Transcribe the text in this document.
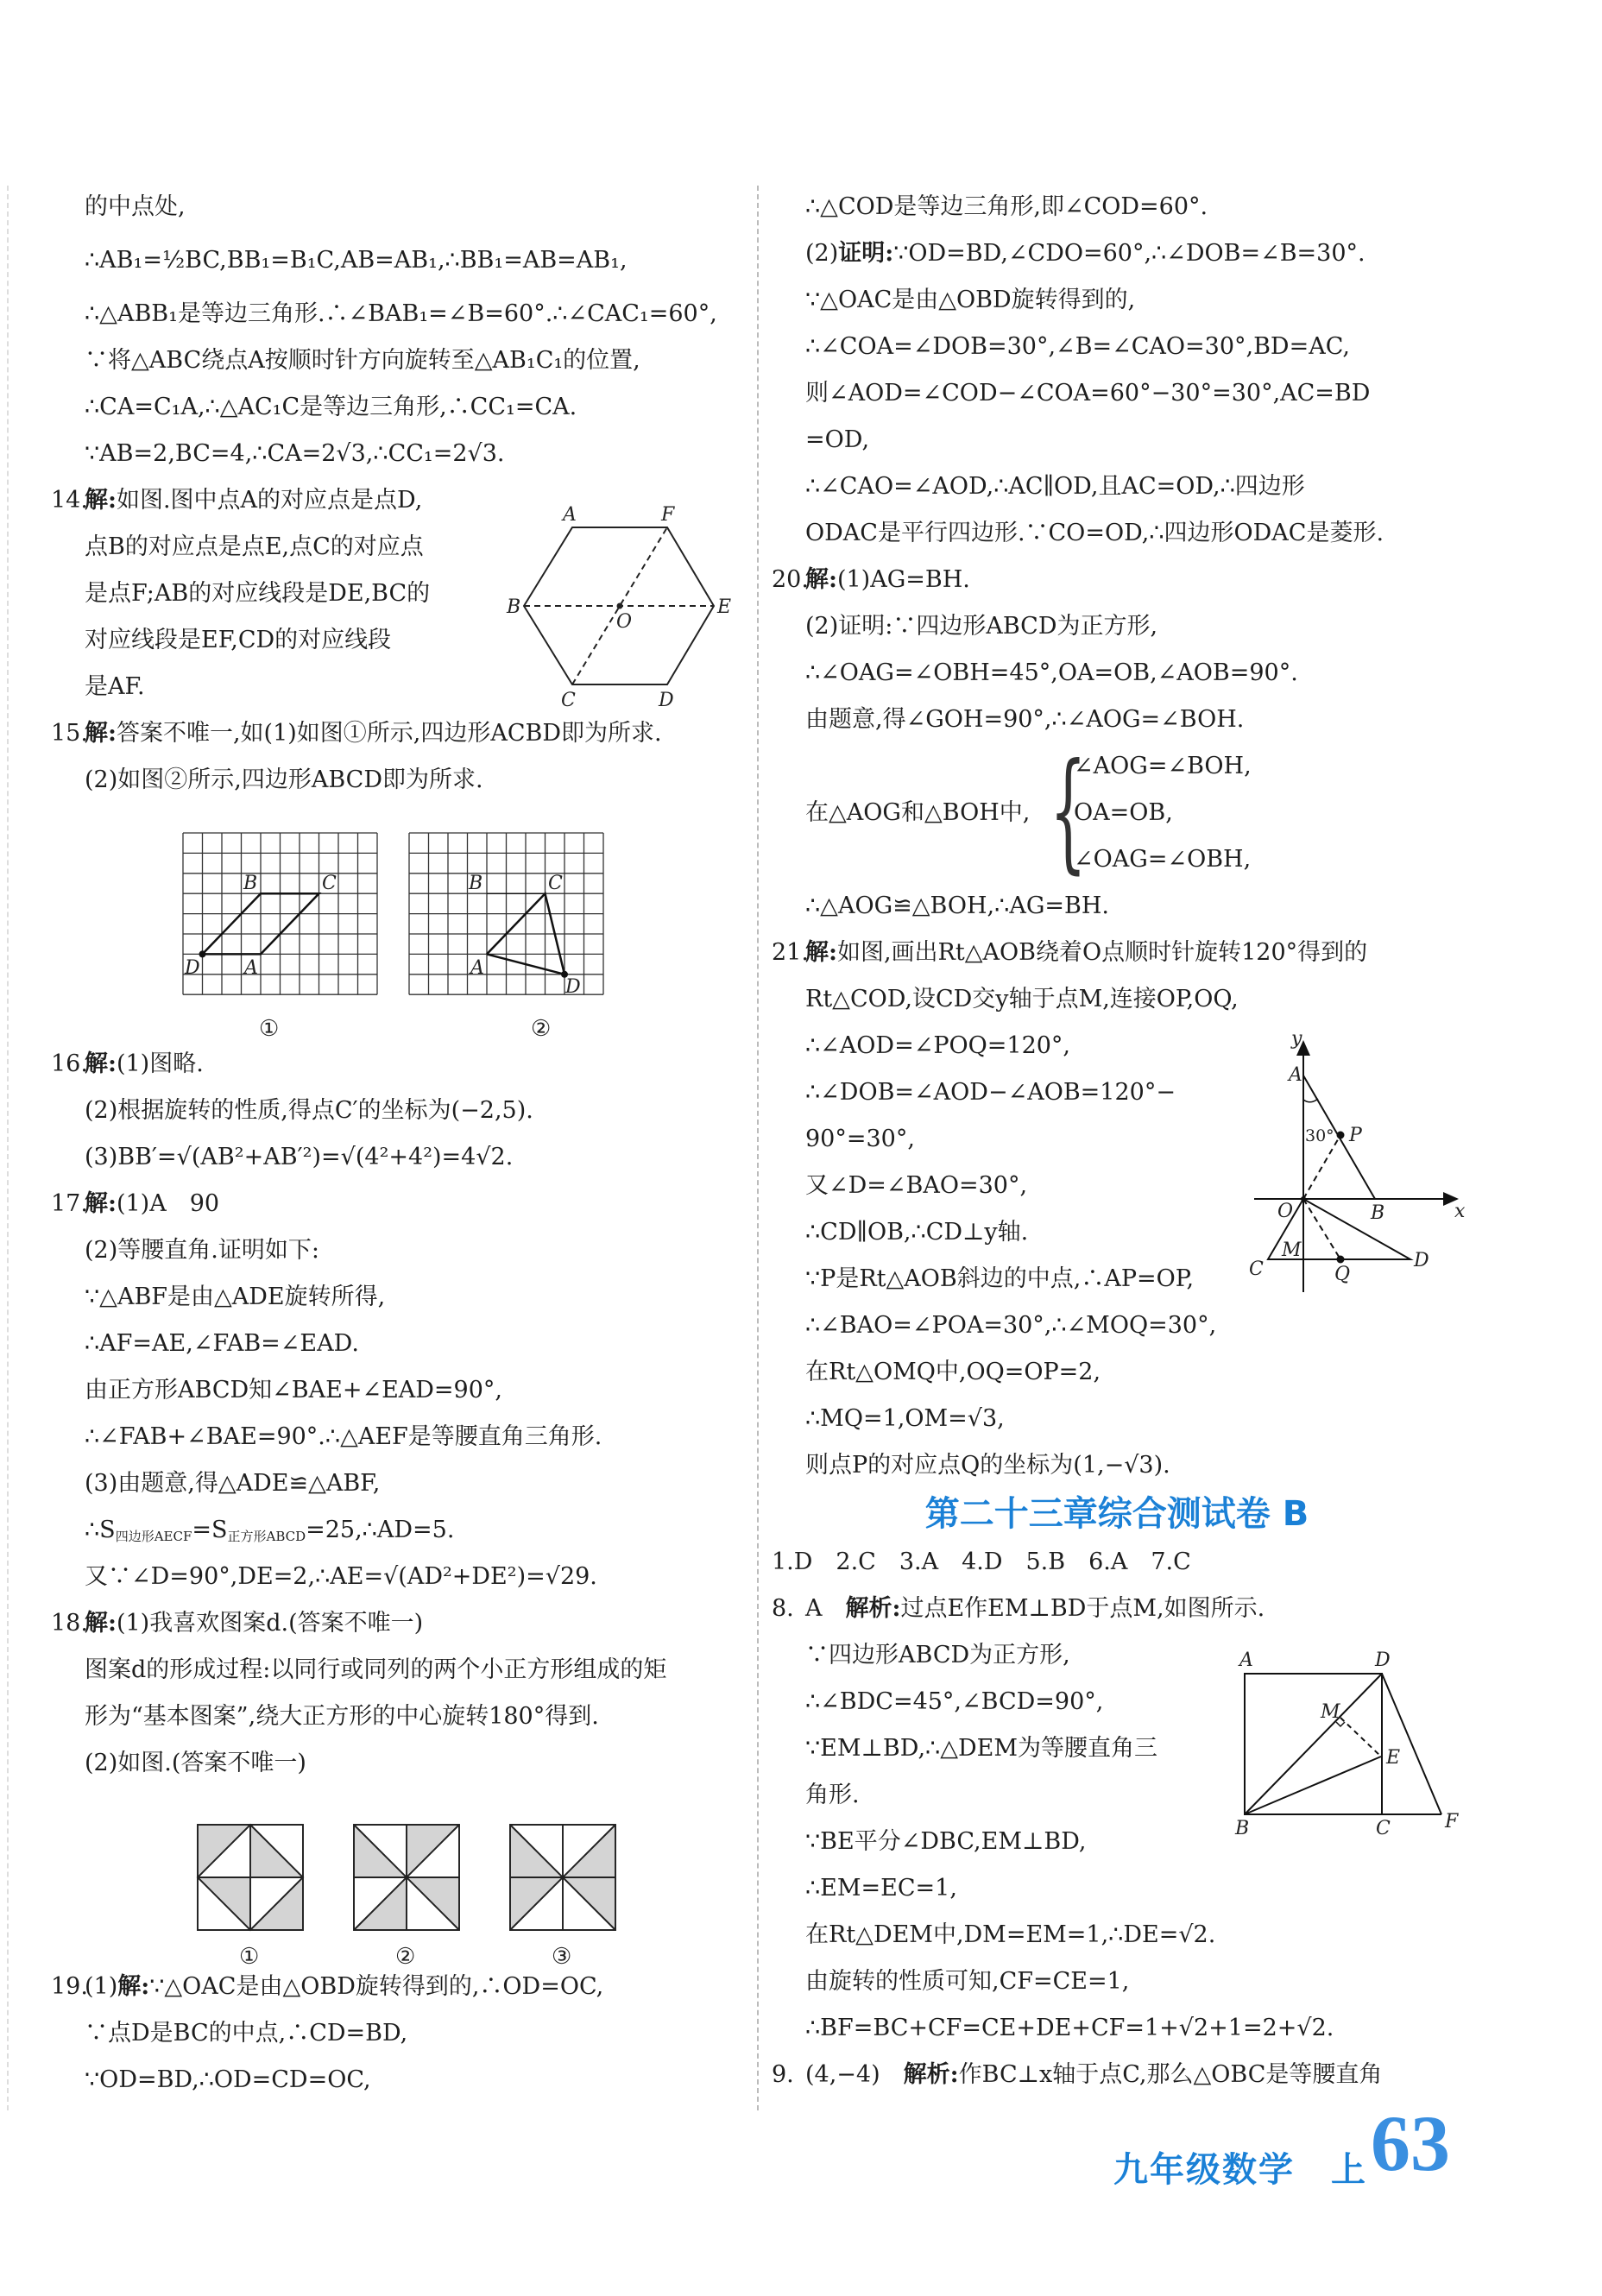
的中点处,
∴AB₁=½BC,BB₁=B₁C,AB=AB₁,∴BB₁=AB=AB₁,
∴△ABB₁是等边三角形.∴∠BAB₁=∠B=60°.∴∠CAC₁=60°,
∵将△ABC绕点A按顺时针方向旋转至△AB₁C₁的位置,
∴CA=C₁A,∴△AC₁C是等边三角形,∴CC₁=CA.
∵AB=2,BC=4,∴CA=2√3,∴CC₁=2√3.
14.
解:如图.图中点A的对应点是点D,
点B的对应点是点E,点C的对应点
是点F;AB的对应线段是DE,BC的
对应线段是EF,CD的对应线段
是AF.
15.
解:答案不唯一,如(1)如图①所示,四边形ACBD即为所求.
(2)如图②所示,四边形ABCD即为所求.
16.
解:(1)图略.
(2)根据旋转的性质,得点C′的坐标为(−2,5).
(3)BB′=√(AB²+AB′²)=√(4²+4²)=4√2.
17.
解:(1)A　90
(2)等腰直角.证明如下:
∵△ABF是由△ADE旋转所得,
∴AF=AE,∠FAB=∠EAD.
由正方形ABCD知∠BAE+∠EAD=90°,
∴∠FAB+∠BAE=90°.∴△AEF是等腰直角三角形.
(3)由题意,得△ADE≌△ABF,
$\therefore S_{四边形AECF}=S_{正方形ABCD}=25,\therefore AD=5$.
又∵∠D=90°,DE=2,∴AE=√(AD²+DE²)=√29.
18.
解:(1)我喜欢图案d.(答案不唯一)
图案d的形成过程:以同行或同列的两个小正方形组成的矩
形为“基本图案”,绕大正方形的中心旋转180°得到.
(2)如图.(答案不唯一)
19.
(1)解:∵△OAC是由△OBD旋转得到的,∴OD=OC,
∵点D是BC的中点,∴CD=BD,
∵OD=BD,∴OD=CD=OC,
∴△COD是等边三角形,即∠COD=60°.
(2)证明:∵OD=BD,∠CDO=60°,∴∠DOB=∠B=30°.
∵△OAC是由△OBD旋转得到的,
∴∠COA=∠DOB=30°,∠B=∠CAO=30°,BD=AC,
则∠AOD=∠COD−∠COA=60°−30°=30°,AC=BD
=OD,
∴∠CAO=∠AOD,∴AC∥OD,且AC=OD,∴四边形
ODAC是平行四边形.∵CO=OD,∴四边形ODAC是菱形.
20.
解:(1)AG=BH.
(2)证明:∵四边形ABCD为正方形,
∴∠OAG=∠OBH=45°,OA=OB,∠AOB=90°.
由题意,得∠GOH=90°,∴∠AOG=∠BOH.
在△AOG和△BOH中, {
∠AOG=∠BOH,
OA=OB,
∠OAG=∠OBH,
∴△AOG≌△BOH,∴AG=BH.
21.
解:如图,画出Rt△AOB绕着O点顺时针旋转120°得到的
Rt△COD,设CD交y轴于点M,连接OP,OQ,
∴∠AOD=∠POQ=120°,
∴∠DOB=∠AOD−∠AOB=120°−
90°=30°,
又∠D=∠BAO=30°,
∴CD∥OB,∴CD⊥y轴.
∵P是Rt△AOB斜边的中点,∴AP=OP,
∴∠BAO=∠POA=30°,∴∠MOQ=30°,
在Rt△OMQ中,OQ=OP=2,
∴MQ=1,OM=√3,
则点P的对应点Q的坐标为(1,−√3).
第二十三章综合测试卷 B
1.D　2.C　3.A　4.D　5.B　6.A　7.C
8. A　解析:过点E作EM⊥BD于点M,如图所示.
∵四边形ABCD为正方形,
∴∠BDC=45°,∠BCD=90°,
∵EM⊥BD,∴△DEM为等腰直角三
角形.
∵BE平分∠DBC,EM⊥BD,
∴EM=EC=1,
在Rt△DEM中,DM=EM=1,∴DE=√2.
由旋转的性质可知,CF=CE=1,
∴BF=BC+CF=CE+DE+CF=1+√2+1=2+√2.
9. (4,−4)　解析:作BC⊥x轴于点C,那么△OBC是等腰直角
A	F
E
D
C
B
O
B	C
D A
B	C
A
D
①	②
①	②	③
y
x
A
30° P
O	B
M
C	Q
D
A	D
M
E
B	C	F
九年级数学　上 63
